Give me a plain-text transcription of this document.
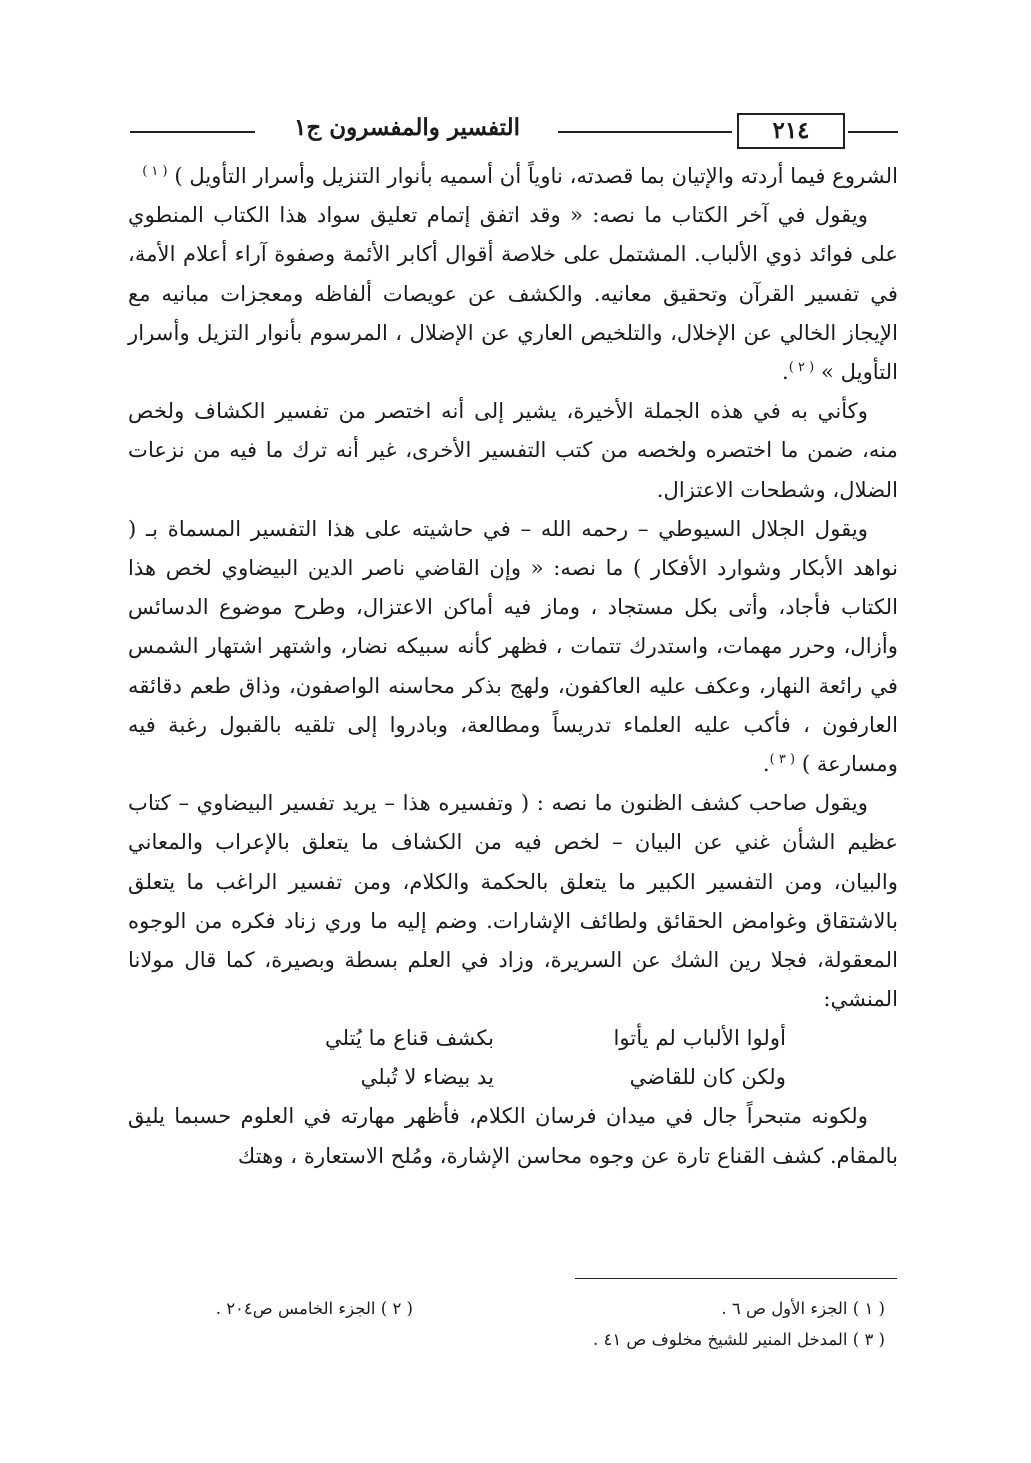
التفسير والمفسرون ج١	٢١٤

الشروع فيما أردته والإتيان بما قصدته، ناوياً أن أسميه بأنوار التنزيل وأسرار التأويل ) $^{( ١ )}$

ويقول في آخر الكتاب ما نصه: « وقد اتفق إتمام تعليق سواد هذا الكتاب المنطوي على فوائد ذوي الألباب. المشتمل على خلاصة أقوال أكابر الأئمة وصفوة آراء أعلام الأمة، في تفسير القرآن وتحقيق معانيه. والكشف عن عويصات ألفاظه ومعجزات مبانيه مع الإيجاز الخالي عن الإخلال، والتلخيص العاري عن الإضلال ، المرسوم بأنوار التزيل وأسرار التأويل » $^{( ٢ )}$.

وكأني به في هذه الجملة الأخيرة، يشير إلى أنه اختصر من تفسير الكشاف ولخص منه، ضمن ما اختصره ولخصه من كتب التفسير الأخرى، غير أنه ترك ما فيه من نزعات الضلال، وشطحات الاعتزال.

ويقول الجلال السيوطي – رحمه الله – في حاشيته على هذا التفسير المسماة بـ ( نواهد الأبكار وشوارد الأفكار ) ما نصه: « وإن القاضي ناصر الدين البيضاوي لخص هذا الكتاب فأجاد، وأتى بكل مستجاد ، وماز فيه أماكن الاعتزال، وطرح موضوع الدسائس وأزال، وحرر مهمات، واستدرك تتمات ، فظهر كأنه سبيكه نضار، واشتهر اشتهار الشمس في رائعة النهار، وعكف عليه العاكفون، ولهج بذكر محاسنه الواصفون، وذاق طعم دقائقه العارفون ، فأكب عليه العلماء تدريساً ومطالعة، وبادروا إلى تلقيه بالقبول رغبة فيه ومسارعة ) $^{( ٣ )}$.

ويقول صاحب كشف الظنون ما نصه : ( وتفسيره هذا – يريد تفسير البيضاوي – كتاب عظيم الشأن غني عن البيان – لخص فيه من الكشاف ما يتعلق بالإعراب والمعاني والبيان، ومن التفسير الكبير ما يتعلق بالحكمة والكلام، ومن تفسير الراغب ما يتعلق بالاشتقاق وغوامض الحقائق ولطائف الإشارات. وضم إليه ما وري زناد فكره من الوجوه المعقولة، فجلا رين الشك عن السريرة، وزاد في العلم بسطة وبصيرة، كما قال مولانا المنشي:

أولوا الألباب لم يأتوا
بكشف قناع ما يُتلي
ولكن كان للقاضي
يد بيضاء لا تُبلي

ولكونه متبحراً جال في ميدان فرسان الكلام، فأظهر مهارته في العلوم حسبما يليق بالمقام. كشف القناع تارة عن وجوه محاسن الإشارة، ومُلح الاستعارة ، وهتك

( ١ ) الجزء الأول ص ٦ .
( ٢ ) الجزء الخامس ص٢٠٤ .
( ٣ ) المدخل المنير للشيخ مخلوف ص ٤١ .
